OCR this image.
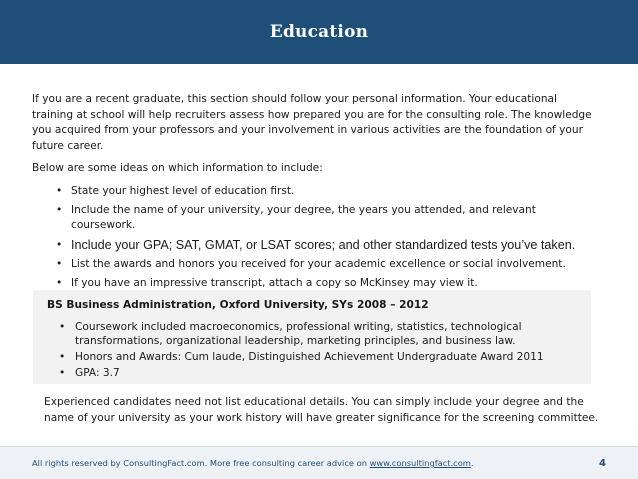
Education

If you are a recent graduate, this section should follow your personal information. Your educational training at school will help recruiters assess how prepared you are for the consulting role. The knowledge you acquired from your professors and your involvement in various activities are the foundation of your future career.

Below are some ideas on which information to include:

• State your highest level of education first.
• Include the name of your university, your degree, the years you attended, and relevant coursework.
• Include your GPA; SAT, GMAT, or LSAT scores; and other standardized tests you’ve taken.
• List the awards and honors you received for your academic excellence or social involvement.
• If you have an impressive transcript, attach a copy so McKinsey may view it.
BS Business Administration, Oxford University, SYs 2008 – 2012
• Coursework included macroeconomics, professional writing, statistics, technological transformations, organizational leadership, marketing principles, and business law.
• Honors and Awards: Cum laude, Distinguished Achievement Undergraduate Award 2011
• GPA: 3.7

Experienced candidates need not list educational details. You can simply include your degree and the name of your university as your work history will have greater significance for the screening committee.

All rights reserved by ConsultingFact.com. More free consulting career advice on www.consultingfact.com.	4
